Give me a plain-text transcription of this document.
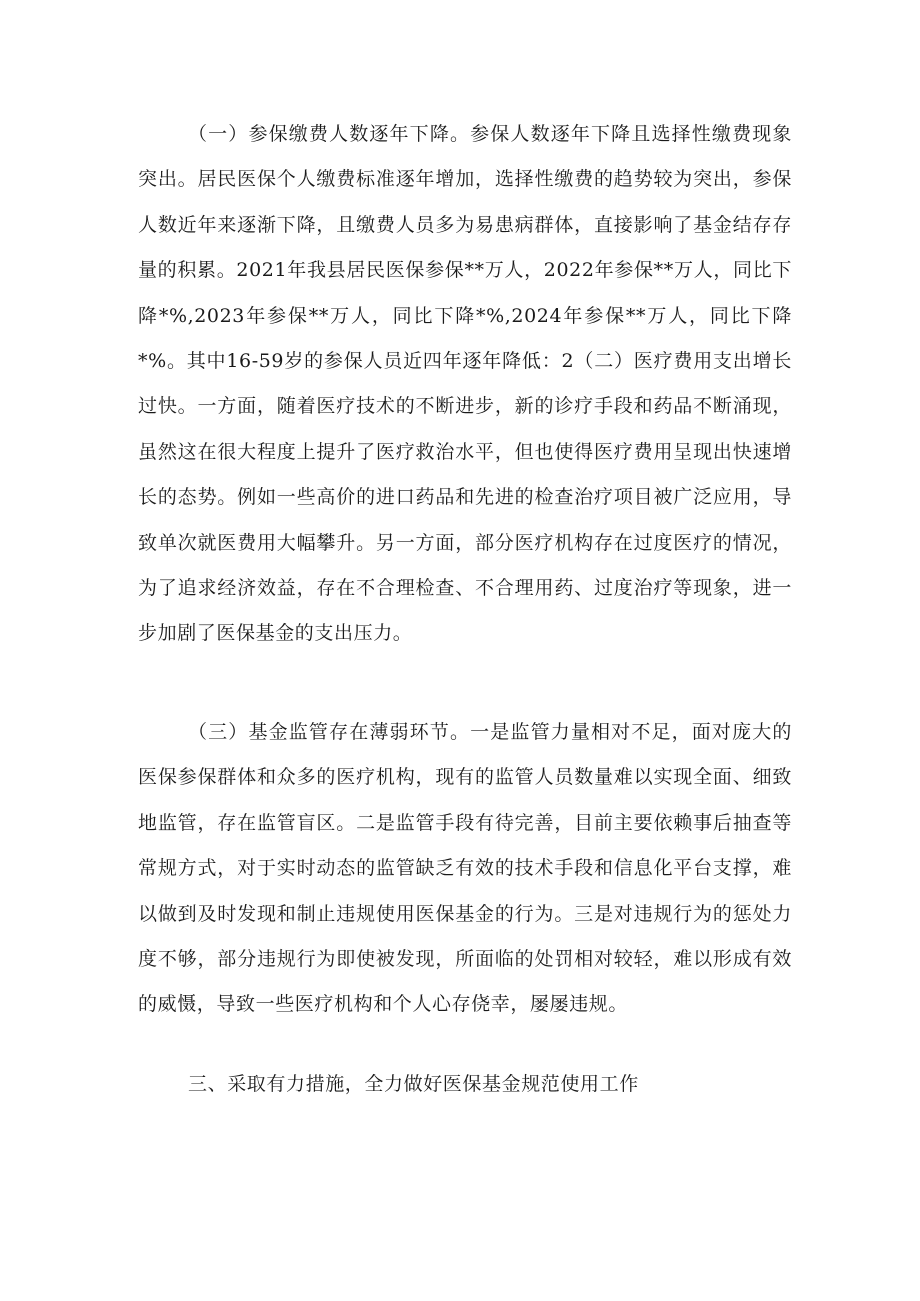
（一）参保缴费人数逐年下降。参保人数逐年下降且选择性缴费现象突出。居民医保个人缴费标准逐年增加，选择性缴费的趋势较为突出，参保人数近年来逐渐下降，且缴费人员多为易患病群体，直接影响了基金结存存量的积累。2021年我县居民医保参保**万人，2022年参保**万人，同比下降*%,2023年参保**万人，同比下降*%,2024年参保**万人，同比下降*%。其中16-59岁的参保人员近四年逐年降低：2（二）医疗费用支出增长过快。一方面，随着医疗技术的不断进步，新的诊疗手段和药品不断涌现，虽然这在很大程度上提升了医疗救治水平，但也使得医疗费用呈现出快速增长的态势。例如一些高价的进口药品和先进的检查治疗项目被广泛应用，导致单次就医费用大幅攀升。另一方面，部分医疗机构存在过度医疗的情况，为了追求经济效益，存在不合理检查、不合理用药、过度治疗等现象，进一步加剧了医保基金的支出压力。

（三）基金监管存在薄弱环节。一是监管力量相对不足，面对庞大的医保参保群体和众多的医疗机构，现有的监管人员数量难以实现全面、细致地监管，存在监管盲区。二是监管手段有待完善，目前主要依赖事后抽查等常规方式，对于实时动态的监管缺乏有效的技术手段和信息化平台支撑，难以做到及时发现和制止违规使用医保基金的行为。三是对违规行为的惩处力度不够，部分违规行为即使被发现，所面临的处罚相对较轻，难以形成有效的威慑，导致一些医疗机构和个人心存侥幸，屡屡违规。

三、采取有力措施，全力做好医保基金规范使用工作
